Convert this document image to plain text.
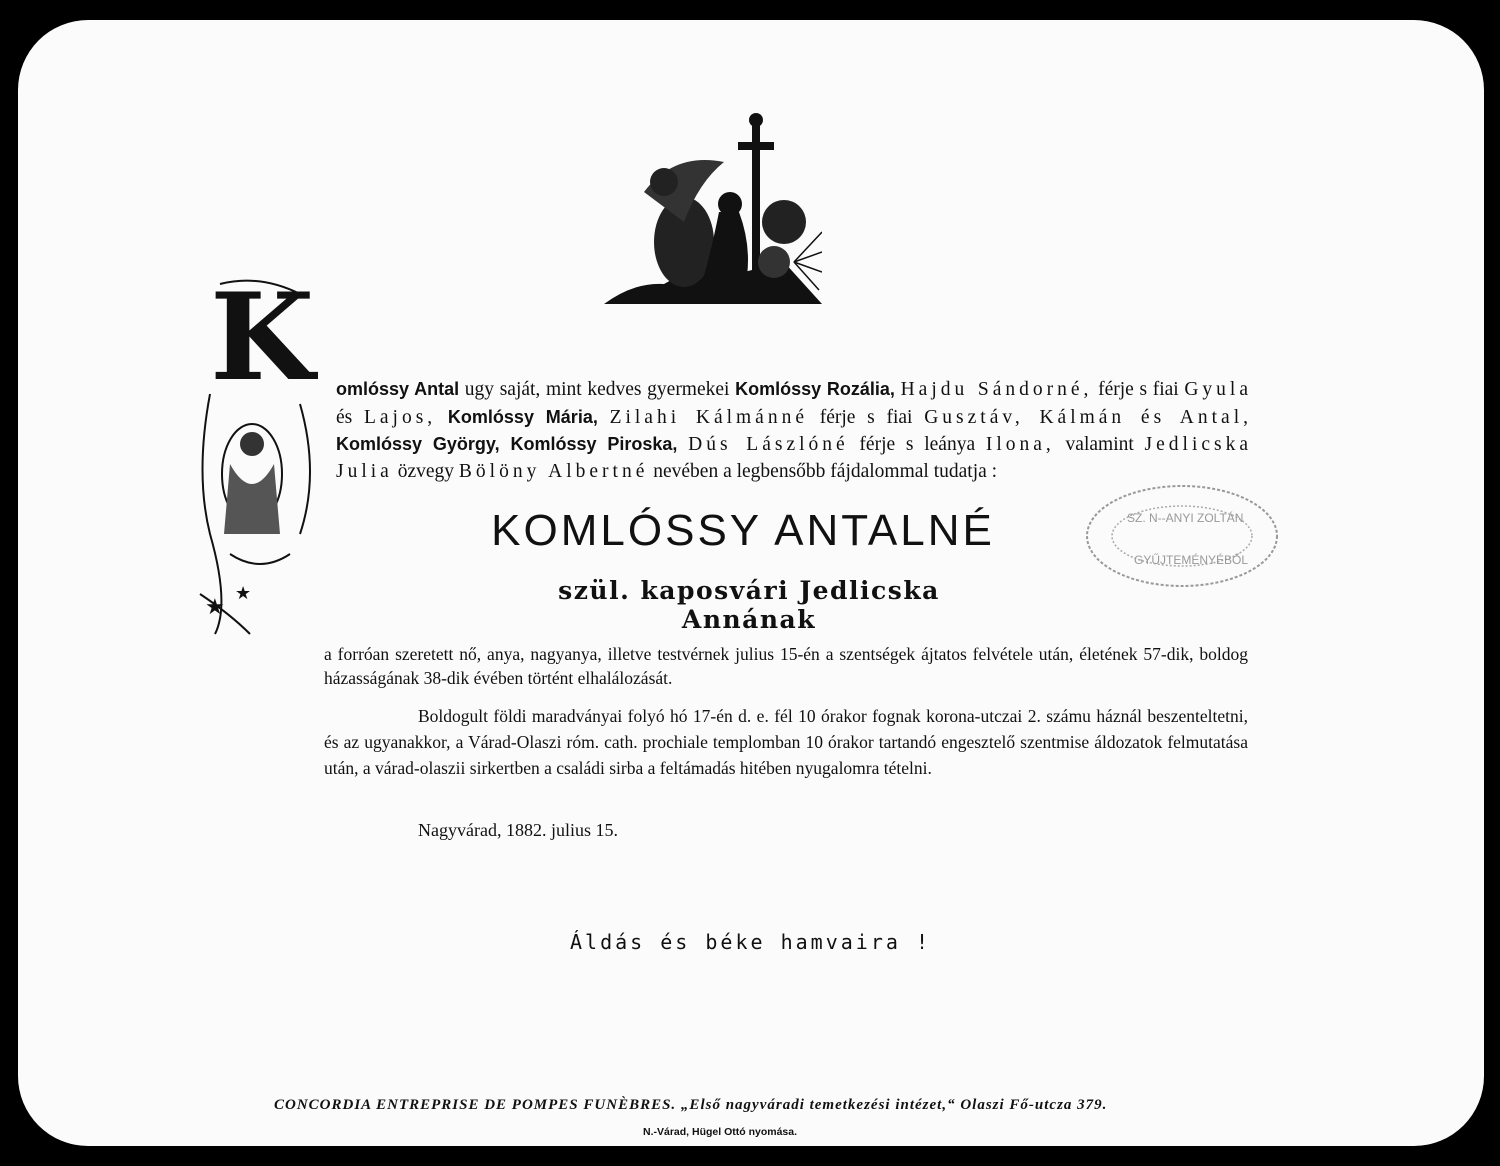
K
★
★
omlóssy Antal ugy saját, mint kedves gyermekei Komlóssy Rozália, Hajdu Sándorné, férje s fiai Gyula és Lajos, Komlóssy Mária, Zilahi Kálmánné férje s fiai Gusztáv, Kálmán és Antal, Komlóssy György, Komlóssy Piroska, Dús Lászlóné férje s leánya Ilona, valamint Jedlicska Julia özvegy Bölöny Albertné nevében a legbensőbb fájdalommal tudatja :
KOMLÓSSY ANTALNÉ
szül. kaposvári Jedlicska Annának
SZ. N--ANYI ZOLTÁN
GYŰJTEMÉNYÉBŐL
a forróan szeretett nő, anya, nagyanya, illetve testvérnek julius 15-én a szentségek ájtatos felvétele után, életének 57-dik, boldog házasságának 38-dik évében történt elhalálozását.
Boldogult földi maradványai folyó hó 17-én d. e. fél 10 órakor fognak korona-utczai 2. számu háznál beszenteltetni, és az ugyanakkor, a Várad-Olaszi róm. cath. prochiale templomban 10 órakor tartandó engesztelő szentmise áldozatok felmutatása után, a várad-olaszii sirkertben a családi sirba a feltámadás hitében nyugalomra tételni.
Nagyvárad, 1882. julius 15.
Áldás és béke hamvaira !
CONCORDIA ENTREPRISE DE POMPES FUNÈBRES. „Első nagyváradi temetkezési intézet,“ Olaszi Fő-utcza 379.
N.-Várad, Hügel Ottó nyomása.
